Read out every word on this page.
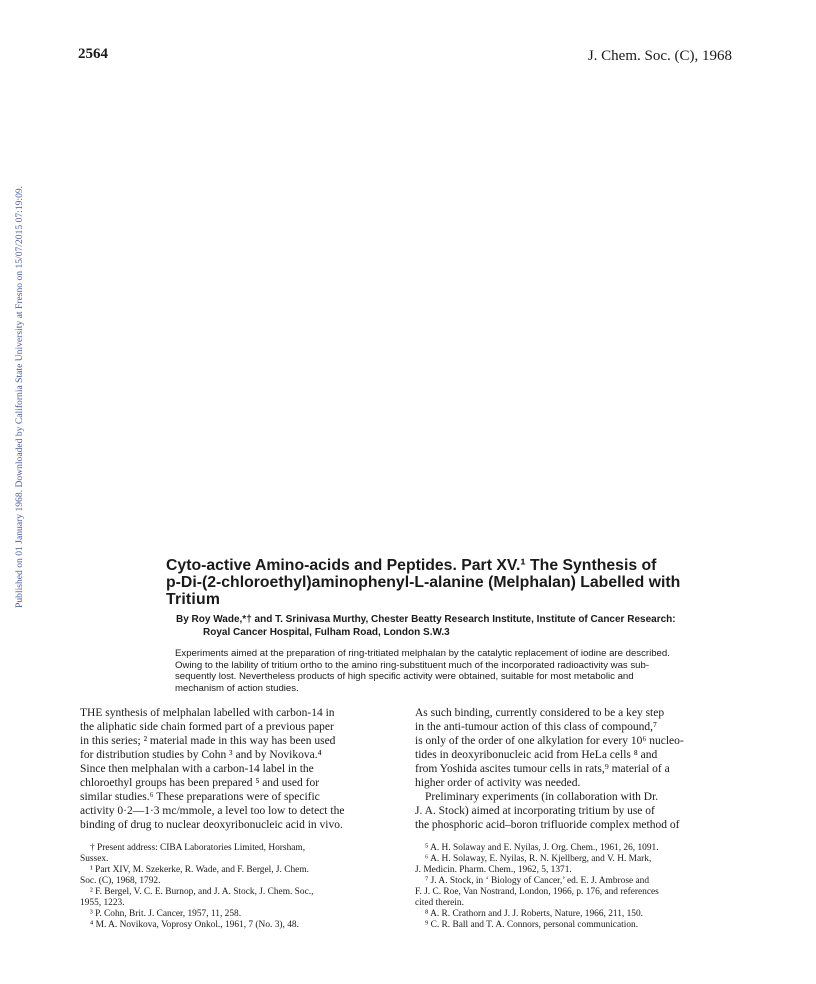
2564	J. Chem. Soc. (C), 1968
Published on 01 January 1968. Downloaded by California State University at Fresno on 15/07/2015 07:19:09.	Cyto-active Amino-acids and Peptides. Part XV.¹ The Synthesis of
p-Di-(2-chloroethyl)aminophenyl-L-alanine (Melphalan) Labelled with
Tritium
By Roy Wade,*† and T. Srinivasa Murthy, Chester Beatty Research Institute, Institute of Cancer Research:
Royal Cancer Hospital, Fulham Road, London S.W.3
Experiments aimed at the preparation of ring-tritiated melphalan by the catalytic replacement of iodine are described.
Owing to the lability of tritium ortho to the amino ring-substituent much of the incorporated radioactivity was sub-
sequently lost. Nevertheless products of high specific activity were obtained, suitable for most metabolic and
mechanism of action studies.
THE synthesis of melphalan labelled with carbon-14 in
the aliphatic side chain formed part of a previous paper
in this series; ² material made in this way has been used
for distribution studies by Cohn ³ and by Novikova.⁴
Since then melphalan with a carbon-14 label in the
chloroethyl groups has been prepared ⁵ and used for
similar studies.⁶ These preparations were of specific
activity 0·2—1·3 mc/mmole, a level too low to detect the
binding of drug to nuclear deoxyribonucleic acid in vivo.
As such binding, currently considered to be a key step
in the anti-tumour action of this class of compound,⁷
is only of the order of one alkylation for every 10⁶ nucleo-
tides in deoxyribonucleic acid from HeLa cells ⁸ and
from Yoshida ascites tumour cells in rats,⁹ material of a
higher order of activity was needed.
Preliminary experiments (in collaboration with Dr.
J. A. Stock) aimed at incorporating tritium by use of
the phosphoric acid–boron trifluoride complex method of
† Present address: CIBA Laboratories Limited, Horsham,
Sussex.
¹ Part XIV, M. Szekerke, R. Wade, and F. Bergel, J. Chem.
Soc. (C), 1968, 1792.
² F. Bergel, V. C. E. Burnop, and J. A. Stock, J. Chem. Soc.,
1955, 1223.
³ P. Cohn, Brit. J. Cancer, 1957, 11, 258.
⁴ M. A. Novikova, Voprosy Onkol., 1961, 7 (No. 3), 48.
⁵ A. H. Solaway and E. Nyilas, J. Org. Chem., 1961, 26, 1091.
⁶ A. H. Solaway, E. Nyilas, R. N. Kjellberg, and V. H. Mark,
J. Medicin. Pharm. Chem., 1962, 5, 1371.
⁷ J. A. Stock, in ‘ Biology of Cancer,’ ed. E. J. Ambrose and
F. J. C. Roe, Van Nostrand, London, 1966, p. 176, and references
cited therein.
⁸ A. R. Crathorn and J. J. Roberts, Nature, 1966, 211, 150.
⁹ C. R. Ball and T. A. Connors, personal communication.
